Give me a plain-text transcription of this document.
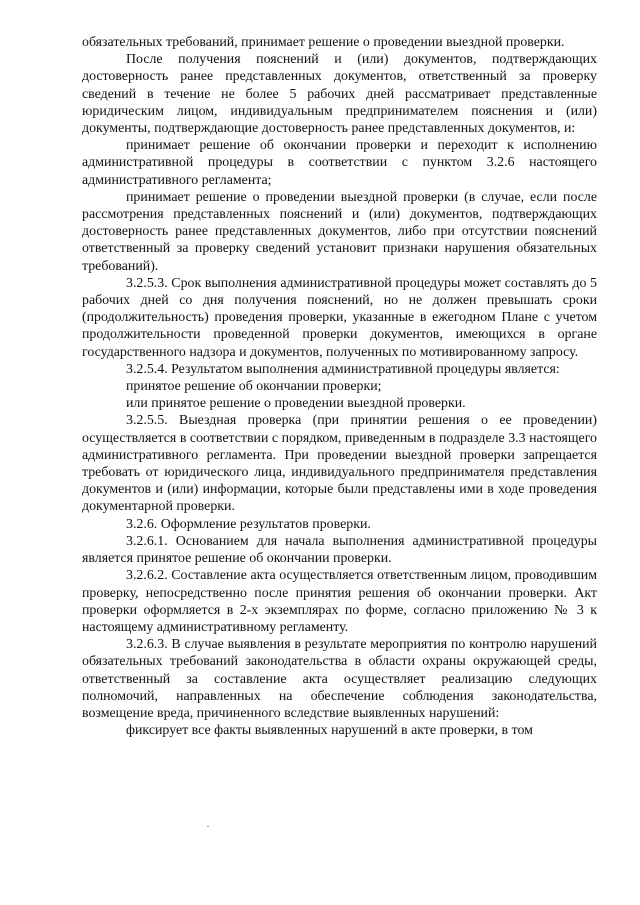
обязательных требований, принимает решение о проведении выездной проверки.

После получения пояснений и (или) документов, подтверждающих достоверность ранее представленных документов, ответственный за проверку сведений в течение не более 5 рабочих дней рассматривает представленные юридическим лицом, индивидуальным предпринимателем пояснения и (или) документы, подтверждающие достоверность ранее представленных документов, и:

принимает решение об окончании проверки и переходит к исполнению административной процедуры в соответствии с пунктом 3.2.6 настоящего административного регламента;

принимает решение о проведении выездной проверки (в случае, если после рассмотрения представленных пояснений и (или) документов, подтверждающих достоверность ранее представленных документов, либо при отсутствии пояснений ответственный за проверку сведений установит признаки нарушения обязательных требований).

3.2.5.3. Срок выполнения административной процедуры может составлять до 5 рабочих дней со дня получения пояснений, но не должен превышать сроки (продолжительность) проведения проверки, указанные в ежегодном Плане с учетом продолжительности проведенной проверки документов, имеющихся в органе государственного надзора и документов, полученных по мотивированному запросу.

3.2.5.4. Результатом выполнения административной процедуры является:

принятое решение об окончании проверки;

или принятое решение о проведении выездной проверки.

3.2.5.5. Выездная проверка (при принятии решения о ее проведении) осуществляется в соответствии с порядком, приведенным в подразделе 3.3 настоящего административного регламента. При проведении выездной проверки запрещается требовать от юридического лица, индивидуального предпринимателя представления документов и (или) информации, которые были представлены ими в ходе проведения документарной проверки.

3.2.6. Оформление результатов проверки.

3.2.6.1. Основанием для начала выполнения административной процедуры является принятое решение об окончании проверки.

3.2.6.2. Составление акта осуществляется ответственным лицом, проводившим проверку, непосредственно после принятия решения об окончании проверки. Акт проверки оформляется в 2-х экземплярах по форме, согласно приложению № 3 к настоящему административному регламенту.

3.2.6.3. В случае выявления в результате мероприятия по контролю нарушений обязательных требований законодательства в области охраны окружающей среды, ответственный за составление акта осуществляет реализацию следующих полномочий, направленных на обеспечение соблюдения законодательства, возмещение вреда, причиненного вследствие выявленных нарушений:

фиксирует все факты выявленных нарушений в акте проверки, в том
